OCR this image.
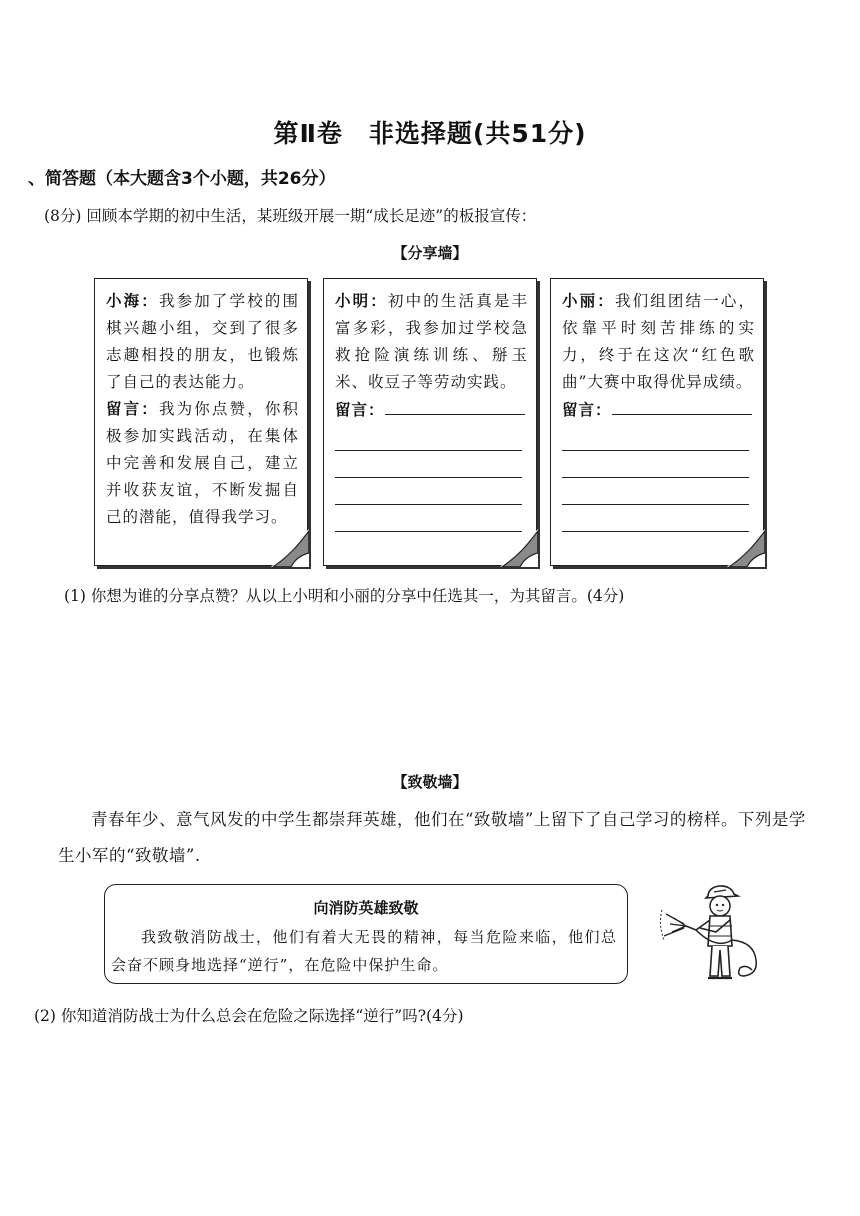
第Ⅱ卷　非选择题(共51分)
、简答题（本大题含3个小题，共26分）
(8分) 回顾本学期的初中生活，某班级开展一期“成长足迹”的板报宣传：
【分享墙】
小海：我参加了学校的围棋兴趣小组，交到了很多志趣相投的朋友，也锻炼了自己的表达能力。
留言：我为你点赞，你积极参加实践活动，在集体中完善和发展自己，建立并收获友谊，不断发掘自己的潜能，值得我学习。
小明：初中的生活真是丰富多彩，我参加过学校急救抢险演练训练、掰玉米、收豆子等劳动实践。
留言：
小丽：我们组团结一心，依靠平时刻苦排练的实力，终于在这次“红色歌曲”大赛中取得优异成绩。
留言：
(1) 你想为谁的分享点赞？从以上小明和小丽的分享中任选其一，为其留言。(4分)
【致敬墙】
青春年少、意气风发的中学生都崇拜英雄，他们在“致敬墙”上留下了自己学习的榜样。下列是学生小军的“致敬墙”.
向消防英雄致敬
我致敬消防战士，他们有着大无畏的精神，每当危险来临，他们总会奋不顾身地选择“逆行”，在危险中保护生命。
(2) 你知道消防战士为什么总会在危险之际选择“逆行”吗?(4分)
